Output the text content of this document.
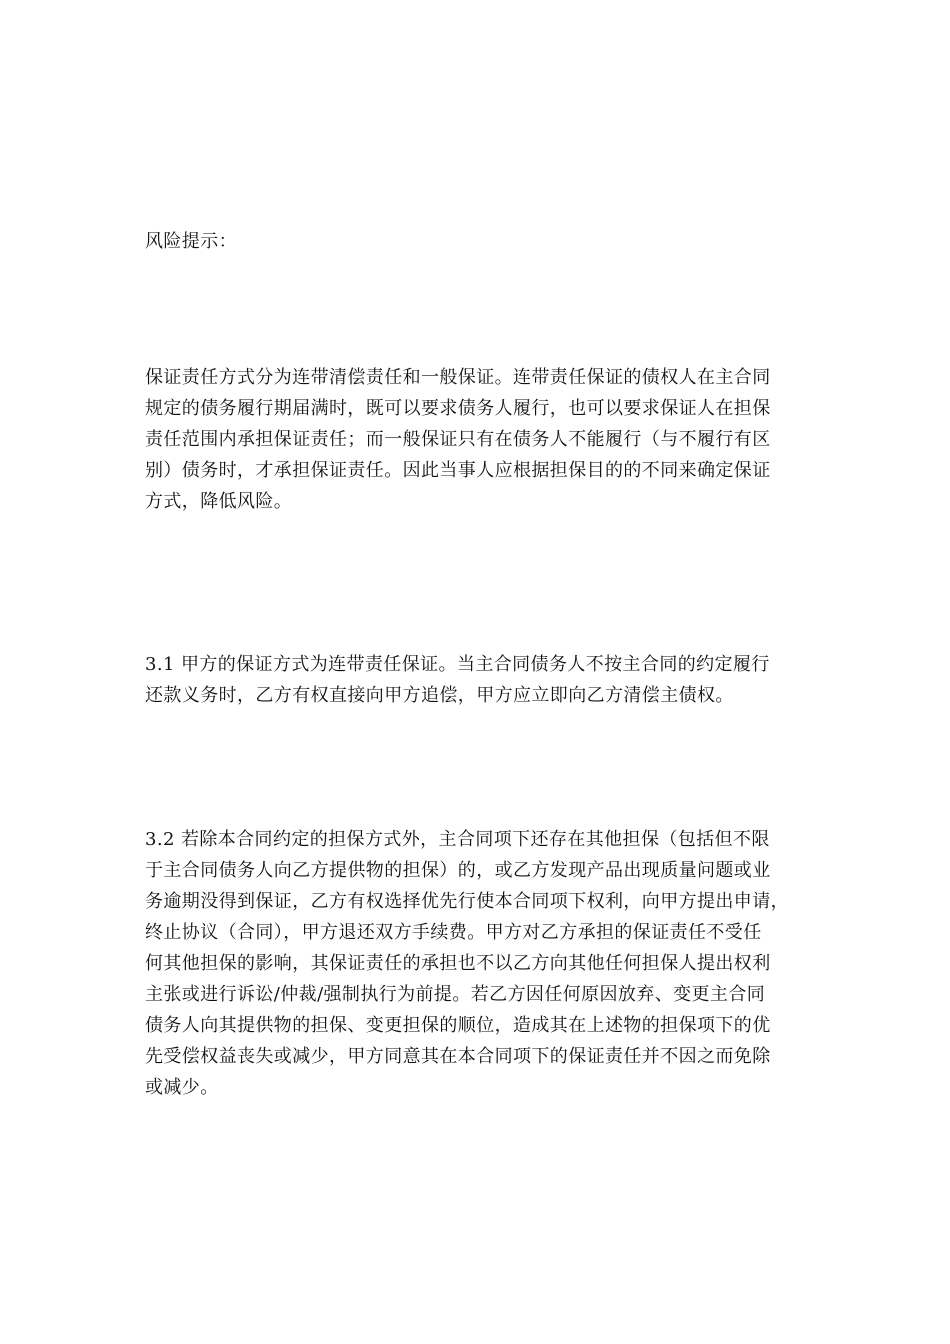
风险提示：

保证责任方式分为连带清偿责任和一般保证。连带责任保证的债权人在主合同
规定的债务履行期届满时，既可以要求债务人履行，也可以要求保证人在担保
责任范围内承担保证责任；而一般保证只有在债务人不能履行（与不履行有区
别）债务时，才承担保证责任。因此当事人应根据担保目的的不同来确定保证
方式，降低风险。

3.1 甲方的保证方式为连带责任保证。当主合同债务人不按主合同的约定履行
还款义务时，乙方有权直接向甲方追偿，甲方应立即向乙方清偿主债权。

3.2 若除本合同约定的担保方式外，主合同项下还存在其他担保（包括但不限
于主合同债务人向乙方提供物的担保）的，或乙方发现产品出现质量问题或业
务逾期没得到保证，乙方有权选择优先行使本合同项下权利，向甲方提出申请，
终止协议（合同），甲方退还双方手续费。甲方对乙方承担的保证责任不受任
何其他担保的影响，其保证责任的承担也不以乙方向其他任何担保人提出权利
主张或进行诉讼/仲裁/强制执行为前提。若乙方因任何原因放弃、变更主合同
债务人向其提供物的担保、变更担保的顺位，造成其在上述物的担保项下的优
先受偿权益丧失或减少，甲方同意其在本合同项下的保证责任并不因之而免除
或减少。
